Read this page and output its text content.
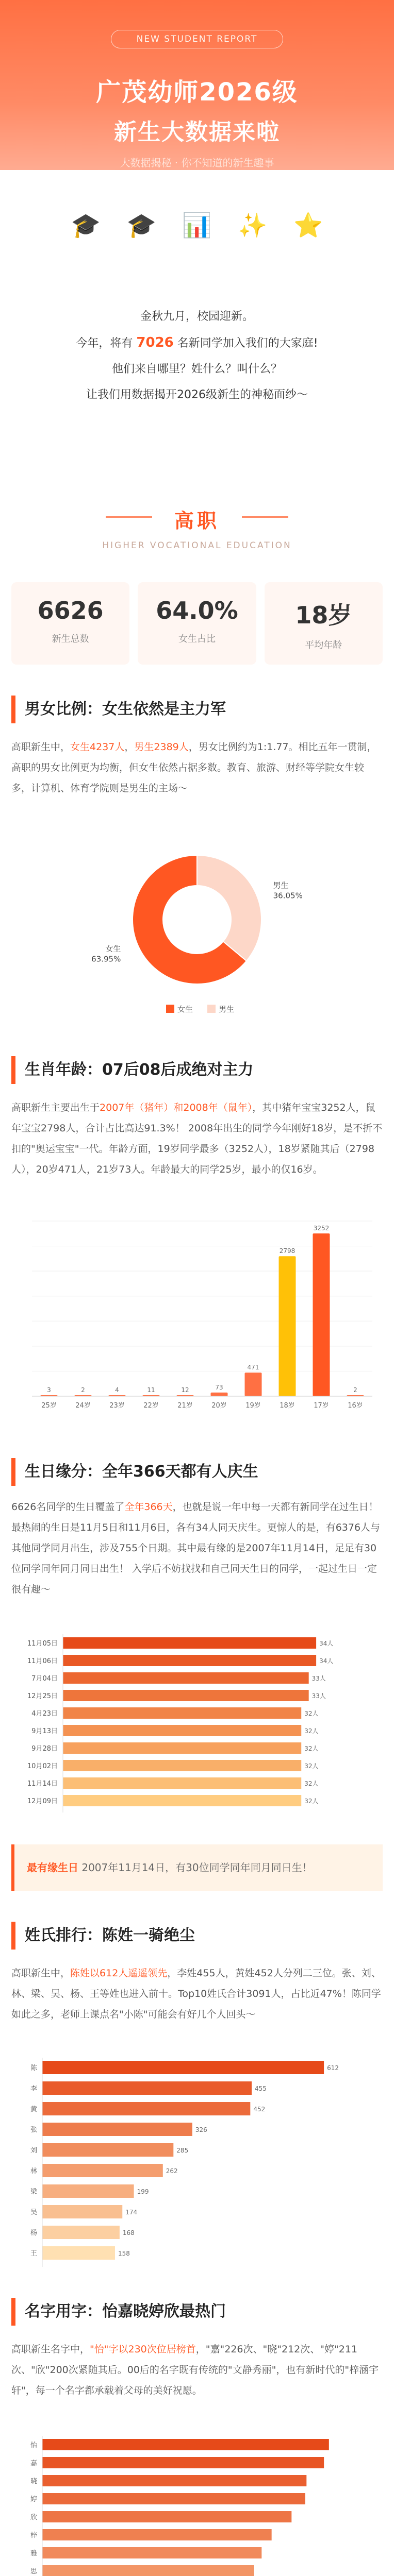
NEW STUDENT REPORT
广茂幼师2026级
新生大数据来啦
大数据揭秘 · 你不知道的新生趣事
🎓 🎓 📊 ✨ ⭐
金秋九月，校园迎新。
今年，将有 7026 名新同学加入我们的大家庭!
他们来自哪里？姓什么？叫什么？
让我们用数据揭开2026级新生的神秘面纱～
高职
HIGHER VOCATIONAL EDUCATION
6626
新生总数
64.0%
女生占比
18岁
平均年龄
男女比例：女生依然是主力军
高职新生中，女生4237人，男生2389人，男女比例约为1:1.77。相比五年一贯制，高职的男女比例更为均衡，但女生依然占据多数。教育、旅游、财经等学院女生较多，计算机、体育学院则是男生的主场～
女生
63.95%
男生
36.05%
女生	男生
生肖年龄：07后08后成绝对主力
高职新生主要出生于2007年（猪年）和2008年（鼠年），其中猪年宝宝3252人，鼠年宝宝2798人，合计占比高达91.3%！ 2008年出生的同学今年刚好18岁，是不折不扣的"奥运宝宝"一代。年龄方面，19岁同学最多（3252人），18岁紧随其后（2798人），20岁471人，21岁73人。年龄最大的同学25岁，最小的仅16岁。
3
25岁
2
24岁
4
23岁
11
22岁
12
21岁
73
20岁
471
19岁
2798
18岁
3252
17岁
2
16岁
生日缘分：全年366天都有人庆生
6626名同学的生日覆盖了全年366天，也就是说一年中每一天都有新同学在过生日！ 最热闹的生日是11月5日和11月6日，各有34人同天庆生。更惊人的是，有6376人与其他同学同月出生，涉及755个日期。其中最有缘的是2007年11月14日，足足有30位同学同年同月同日出生！ 入学后不妨找找和自己同天生日的同学，一起过生日一定很有趣～
11月05日	34人
11月06日	34人
7月04日	33人
12月25日	33人
4月23日	32人
9月13日	32人
9月28日	32人
10月02日	32人
11月14日	32人
12月09日	32人
最有缘生日 2007年11月14日，有30位同学同年同月同日生！
姓氏排行：陈姓一骑绝尘
高职新生中，陈姓以612人遥遥领先，李姓455人，黄姓452人分列二三位。张、刘、林、梁、吴、杨、王等姓也进入前十。Top10姓氏合计3091人，占比近47%！陈同学如此之多，老师上课点名"小陈"可能会有好几个人回头～
陈	612
李	455
黄	452
张	326
刘	285
林	262
梁	199
吴	174
杨	168
王	158
名字用字：怡嘉晓婷欣最热门
高职新生名字中，"怡"字以230次位居榜首，"嘉"226次、"晓"212次、"婷"211次、"欣"200次紧随其后。00后的名字既有传统的"文静秀丽"，也有新时代的"梓涵宇轩"，每一个名字都承载着父母的美好祝愿。
怡
嘉
晓
婷
欣
梓
雅
思
